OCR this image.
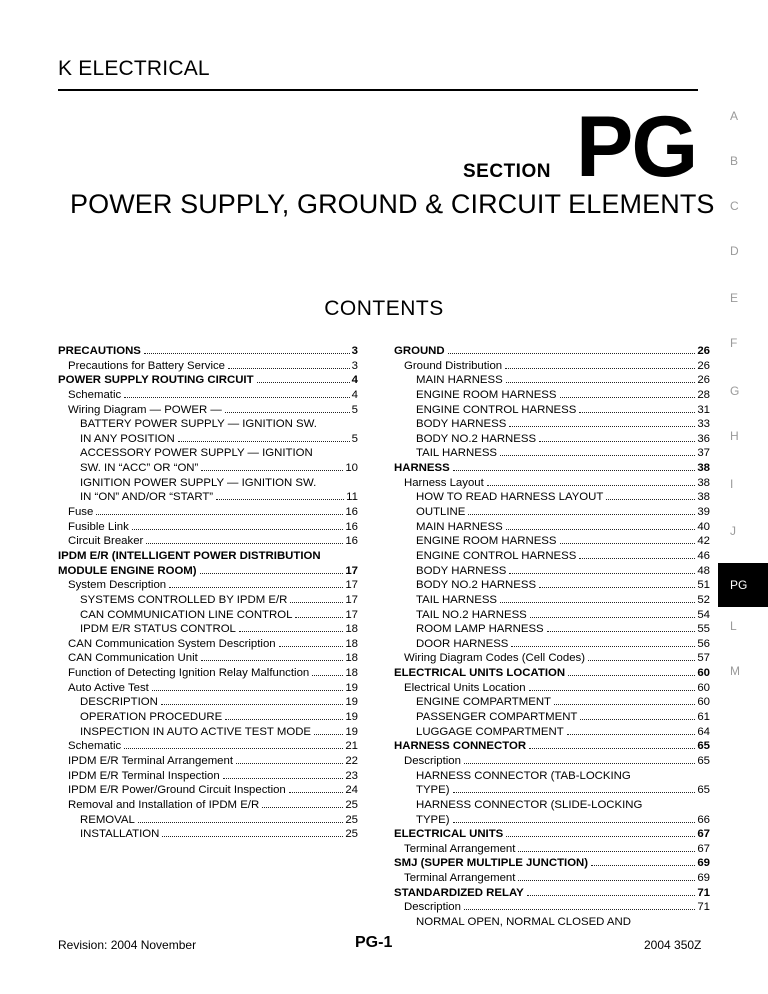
K ELECTRICAL
SECTION PG
POWER SUPPLY, GROUND & CIRCUIT ELEMENTS
CONTENTS
A
B
C
D
E
F
G
H
I
J
PG
L
M
PRECAUTIONS	3
Precautions for Battery Service	3
POWER SUPPLY ROUTING CIRCUIT	4
Schematic	4
Wiring Diagram — POWER —	5
BATTERY POWER SUPPLY — IGNITION SW.
IN ANY POSITION	5
ACCESSORY POWER SUPPLY — IGNITION
SW. IN “ACC” OR “ON”	10
IGNITION POWER SUPPLY — IGNITION SW.
IN “ON” AND/OR “START”	11
Fuse	16
Fusible Link	16
Circuit Breaker	16
IPDM E/R (INTELLIGENT POWER DISTRIBUTION
MODULE ENGINE ROOM)	17
System Description	17
SYSTEMS CONTROLLED BY IPDM E/R	17
CAN COMMUNICATION LINE CONTROL	17
IPDM E/R STATUS CONTROL	18
CAN Communication System Description	18
CAN Communication Unit	18
Function of Detecting Ignition Relay Malfunction	18
Auto Active Test	19
DESCRIPTION	19
OPERATION PROCEDURE	19
INSPECTION IN AUTO ACTIVE TEST MODE	19
Schematic	21
IPDM E/R Terminal Arrangement	22
IPDM E/R Terminal Inspection	23
IPDM E/R Power/Ground Circuit Inspection	24
Removal and Installation of IPDM E/R	25
REMOVAL	25
INSTALLATION	25
GROUND	26
Ground Distribution	26
MAIN HARNESS	26
ENGINE ROOM HARNESS	28
ENGINE CONTROL HARNESS	31
BODY HARNESS	33
BODY NO.2 HARNESS	36
TAIL HARNESS	37
HARNESS	38
Harness Layout	38
HOW TO READ HARNESS LAYOUT	38
OUTLINE	39
MAIN HARNESS	40
ENGINE ROOM HARNESS	42
ENGINE CONTROL HARNESS	46
BODY HARNESS	48
BODY NO.2 HARNESS	51
TAIL HARNESS	52
TAIL NO.2 HARNESS	54
ROOM LAMP HARNESS	55
DOOR HARNESS	56
Wiring Diagram Codes (Cell Codes)	57
ELECTRICAL UNITS LOCATION	60
Electrical Units Location	60
ENGINE COMPARTMENT	60
PASSENGER COMPARTMENT	61
LUGGAGE COMPARTMENT	64
HARNESS CONNECTOR	65
Description	65
HARNESS CONNECTOR (TAB-LOCKING
TYPE)	65
HARNESS CONNECTOR (SLIDE-LOCKING
TYPE)	66
ELECTRICAL UNITS	67
Terminal Arrangement	67
SMJ (SUPER MULTIPLE JUNCTION)	69
Terminal Arrangement	69
STANDARDIZED RELAY	71
Description	71
NORMAL OPEN, NORMAL CLOSED AND
Revision: 2004 November	PG-1	2004 350Z
